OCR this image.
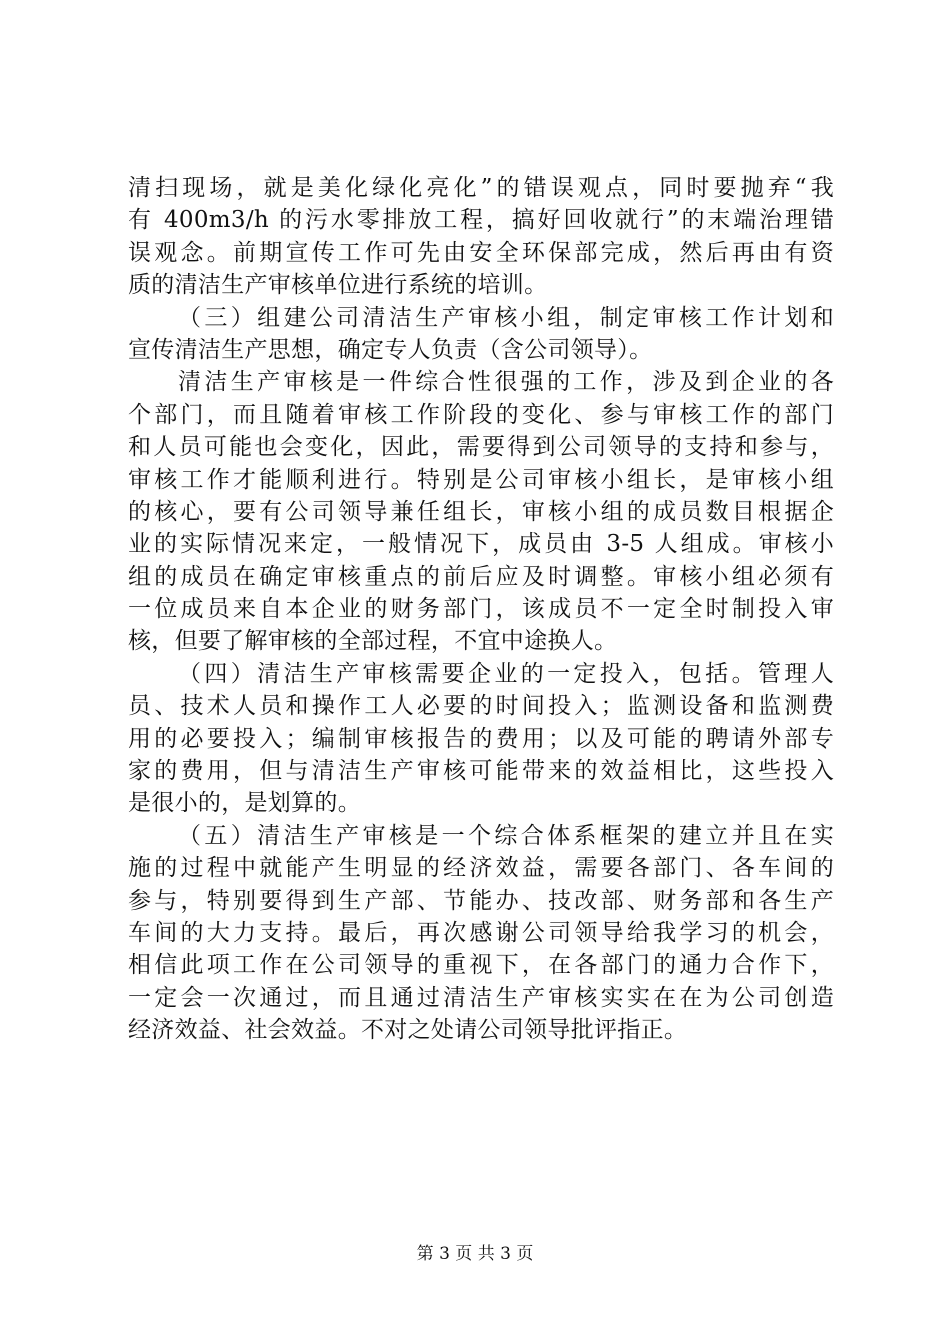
清扫现场，就是美化绿化亮化”的错误观点，同时要抛弃“我
有 400m3/h 的污水零排放工程，搞好回收就行”的末端治理错
误观念。前期宣传工作可先由安全环保部完成，然后再由有资
质的清洁生产审核单位进行系统的培训。
（三）组建公司清洁生产审核小组，制定审核工作计划和
宣传清洁生产思想，确定专人负责（含公司领导）。
清洁生产审核是一件综合性很强的工作，涉及到企业的各
个部门，而且随着审核工作阶段的变化、参与审核工作的部门
和人员可能也会变化，因此，需要得到公司领导的支持和参与，
审核工作才能顺利进行。特别是公司审核小组长，是审核小组
的核心，要有公司领导兼任组长，审核小组的成员数目根据企
业的实际情况来定，一般情况下，成员由 3-5 人组成。审核小
组的成员在确定审核重点的前后应及时调整。审核小组必须有
一位成员来自本企业的财务部门，该成员不一定全时制投入审
核，但要了解审核的全部过程，不宜中途换人。
（四）清洁生产审核需要企业的一定投入，包括。管理人
员、技术人员和操作工人必要的时间投入；监测设备和监测费
用的必要投入；编制审核报告的费用；以及可能的聘请外部专
家的费用，但与清洁生产审核可能带来的效益相比，这些投入
是很小的，是划算的。
（五）清洁生产审核是一个综合体系框架的建立并且在实
施的过程中就能产生明显的经济效益，需要各部门、各车间的
参与，特别要得到生产部、节能办、技改部、财务部和各生产
车间的大力支持。最后，再次感谢公司领导给我学习的机会，
相信此项工作在公司领导的重视下，在各部门的通力合作下，
一定会一次通过，而且通过清洁生产审核实实在在为公司创造
经济效益、社会效益。不对之处请公司领导批评指正。
第 3 页 共 3 页
